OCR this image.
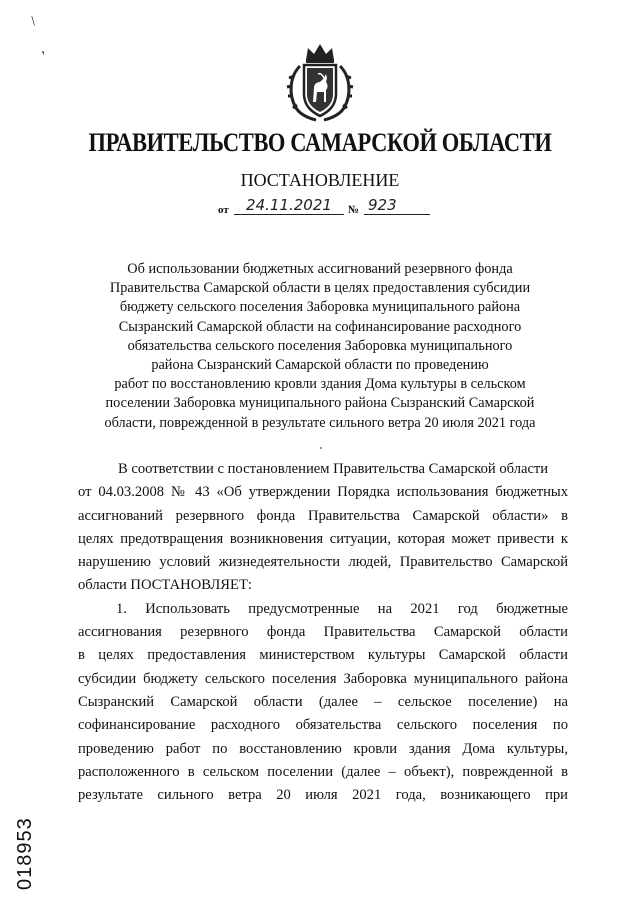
/
,
ПРАВИТЕЛЬСТВО САМАРСКОЙ ОБЛАСТИ
ПОСТАНОВЛЕНИЕ
от	24.11.2021	№ 923
Об использовании бюджетных ассигнований резервного фонда
Правительства Самарской области в целях предоставления субсидии
бюджету сельского поселения Заборовка муниципального района
Сызранский Самарской области на софинансирование расходного
обязательства сельского поселения Заборовка муниципального
района Сызранский Самарской области по проведению
работ по восстановлению кровли здания Дома культуры в сельском
поселении Заборовка муниципального района Сызранский Самарской
области, поврежденной в результате сильного ветра 20 июля 2021 года
В соответствии с постановлением Правительства Самарской области
от 04.03.2008 № 43 «Об утверждении Порядка использования бюджетных
ассигнований резервного фонда Правительства Самарской области» в
целях предотвращения возникновения ситуации, которая может привести к
нарушению условий жизнедеятельности людей, Правительство Самарской
области ПОСТАНОВЛЯЕТ:
1. Использовать предусмотренные на 2021 год бюджетные
ассигнования резервного фонда Правительства Самарской области
в целях предоставления министерством культуры Самарской области
субсидии бюджету сельского поселения Заборовка муниципального района
Сызранский Самарской области (далее – сельское поселение) на
софинансирование расходного обязательства сельского поселения по
проведению работ по восстановлению кровли здания Дома культуры,
расположенного в сельском поселении (далее – объект), поврежденной в
результате сильного ветра 20 июля 2021 года, возникающего при
018953
